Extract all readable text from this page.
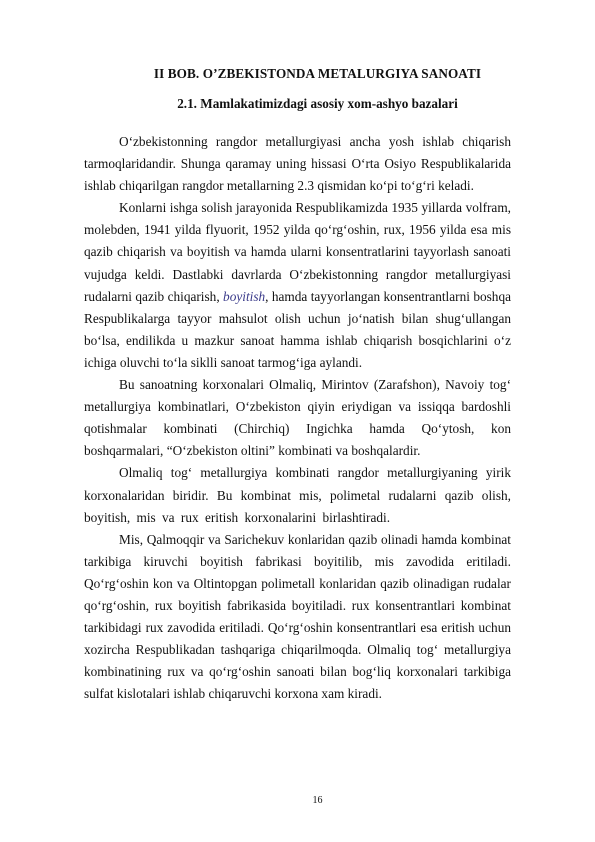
II BOB. O’ZBEKISTONDA METALURGIYA SANOATI
2.1. Mamlakatimizdagi asosiy xom-ashyo bazalari

O‘zbekistonning rangdor metallurgiyasi ancha yosh ishlab chiqarish tarmoqlaridandir. Shunga qaramay uning hissasi O‘rta Osiyo Respublikalarida ishlab chiqarilgan rangdor metallarning 2.3 qismidan ko‘pi to‘g‘ri keladi.

Konlarni ishga solish jarayonida Respublikamizda 1935 yillarda volfram, molebden, 1941 yilda flyuorit, 1952 yilda qo‘rg‘oshin, rux, 1956 yilda esa mis qazib chiqarish va boyitish va hamda ularni konsentratlarini tayyorlash sanoati vujudga keldi. Dastlabki davrlarda O‘zbekistonning rangdor metallurgiyasi rudalarni qazib chiqarish, boyitish, hamda tayyorlangan konsentrantlarni boshqa Respublikalarga tayyor mahsulot olish uchun jo‘natish bilan shug‘ullangan bo‘lsa, endilikda u mazkur sanoat hamma ishlab chiqarish bosqichlarini o‘z ichiga oluvchi to‘la siklli sanoat tarmog‘iga aylandi.

Bu sanoatning korxonalari Olmaliq, Mirintov (Zarafshon), Navoiy tog‘ metallurgiya kombinatlari, O‘zbekiston qiyin eriydigan va issiqqa bardoshli qotishmalar kombinati (Chirchiq) Ingichka hamda Qo‘ytosh, kon boshqarmalari, “O‘zbekiston oltini” kombinati va boshqalardir.

Olmaliq tog‘ metallurgiya kombinati rangdor metallurgiyaning yirik korxonalaridan biridir. Bu kombinat mis, polimetal rudalarni qazib olish, boyitish, mis va rux eritish korxonalarini birlashtiradi.

Mis, Qalmoqqir va Sarichekuv konlaridan qazib olinadi hamda kombinat tarkibiga kiruvchi boyitish fabrikasi boyitilib, mis zavodida eritiladi. Qo‘rg‘oshin kon va Oltintopgan polimetall konlaridan qazib olinadigan rudalar qo‘rg‘oshin, rux boyitish fabrikasida boyitiladi. rux konsentrantlari kombinat tarkibidagi rux zavodida eritiladi. Qo‘rg‘oshin konsentrantlari esa eritish uchun xozircha Respublikadan tashqariga chiqarilmoqda. Olmaliq tog‘ metallurgiya kombinatining rux va qo‘rg‘oshin sanoati bilan bog‘liq korxonalari tarkibiga sulfat kislotalari ishlab chiqaruvchi korxona xam kiradi.

16
